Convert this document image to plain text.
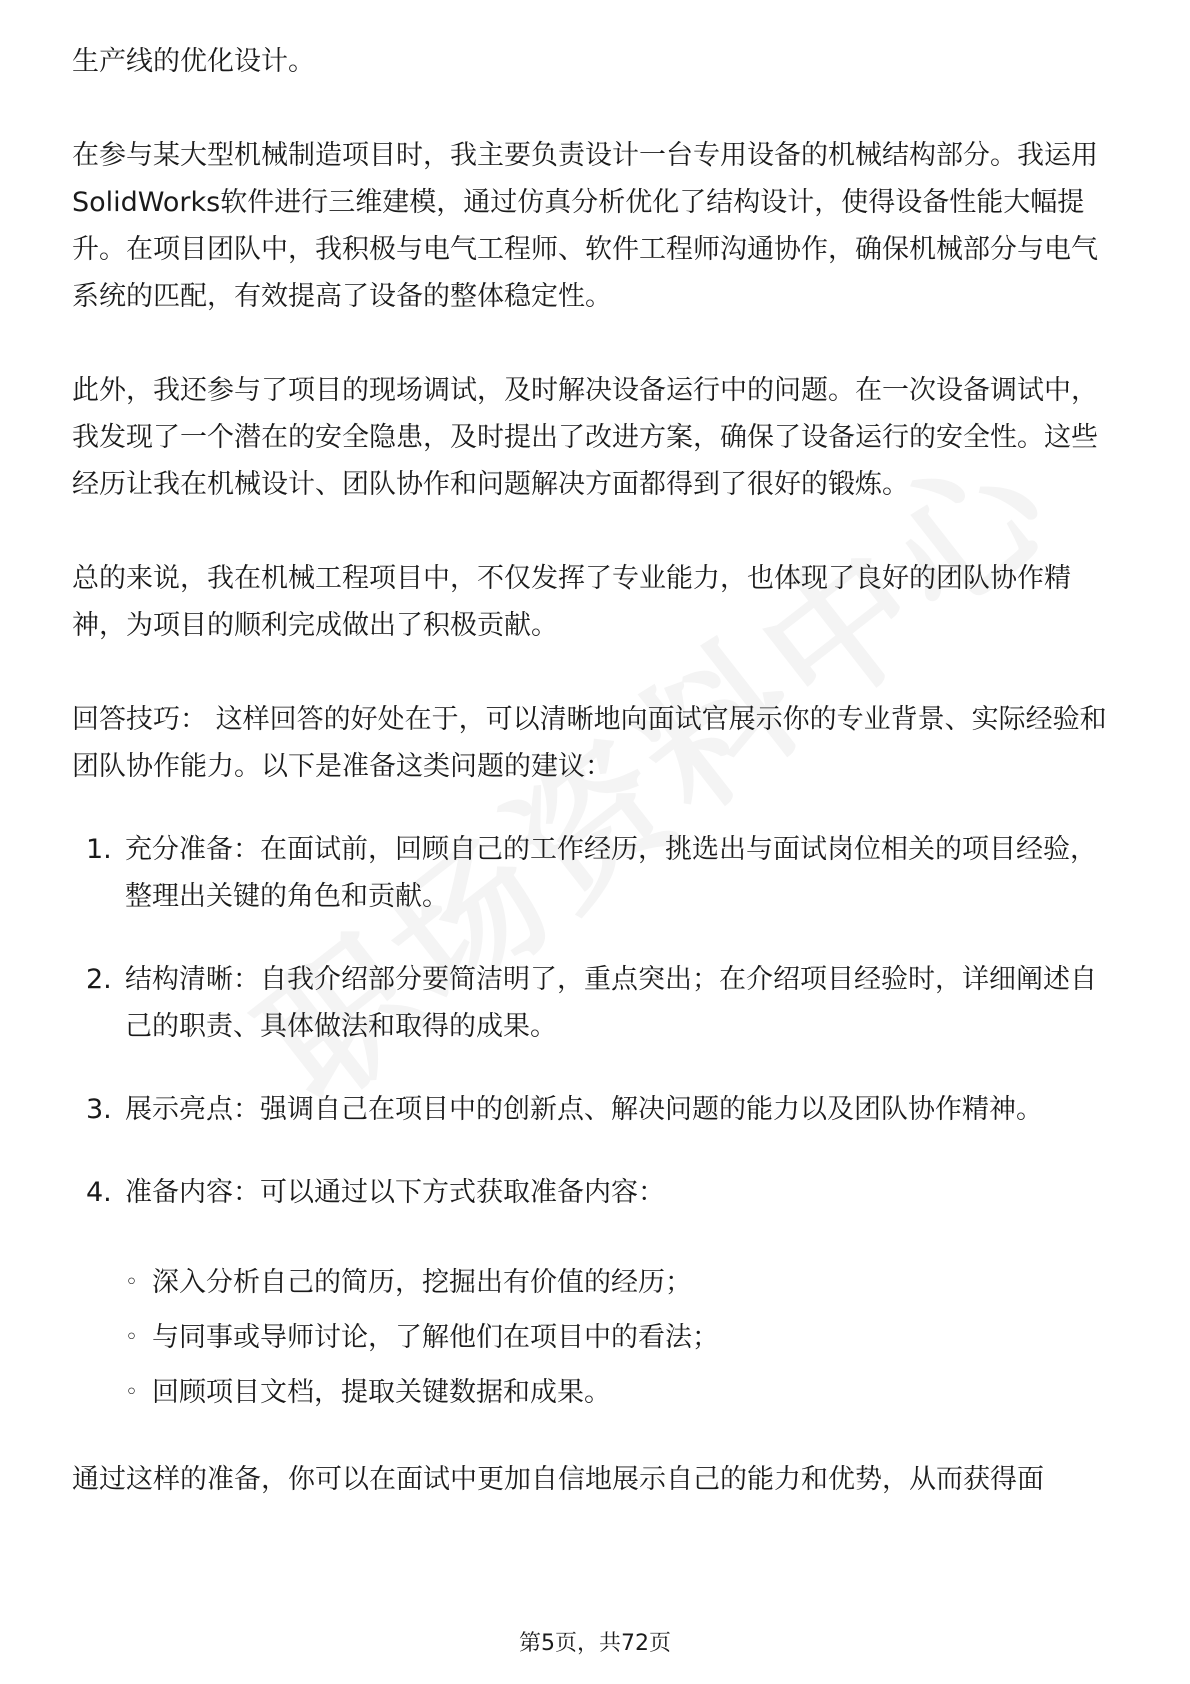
生产线的优化设计。

在参与某大型机械制造项目时，我主要负责设计一台专用设备的机械结构部分。我运用SolidWorks软件进行三维建模，通过仿真分析优化了结构设计，使得设备性能大幅提升。在项目团队中，我积极与电气工程师、软件工程师沟通协作，确保机械部分与电气系统的匹配，有效提高了设备的整体稳定性。

此外，我还参与了项目的现场调试，及时解决设备运行中的问题。在一次设备调试中，我发现了一个潜在的安全隐患，及时提出了改进方案，确保了设备运行的安全性。这些经历让我在机械设计、团队协作和问题解决方面都得到了很好的锻炼。

总的来说，我在机械工程项目中，不仅发挥了专业能力，也体现了良好的团队协作精神，为项目的顺利完成做出了积极贡献。

回答技巧： 这样回答的好处在于，可以清晰地向面试官展示你的专业背景、实际经验和团队协作能力。以下是准备这类问题的建议：

1. 充分准备：在面试前，回顾自己的工作经历，挑选出与面试岗位相关的项目经验，整理出关键的角色和贡献。
2. 结构清晰：自我介绍部分要简洁明了，重点突出；在介绍项目经验时，详细阐述自己的职责、具体做法和取得的成果。
3. 展示亮点：强调自己在项目中的创新点、解决问题的能力以及团队协作精神。
4. 准备内容：可以通过以下方式获取准备内容：
◦ 深入分析自己的简历，挖掘出有价值的经历；
◦ 与同事或导师讨论，了解他们在项目中的看法；
◦ 回顾项目文档，提取关键数据和成果。

通过这样的准备，你可以在面试中更加自信地展示自己的能力和优势，从而获得面

第5页，共72页
